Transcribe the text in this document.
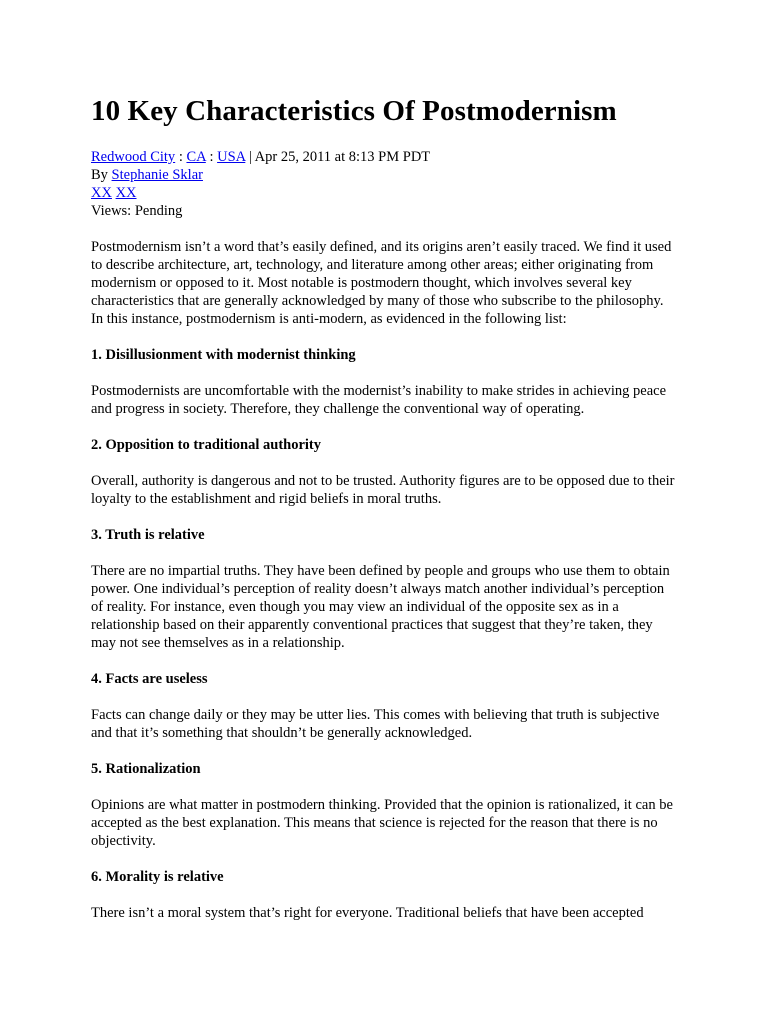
10 Key Characteristics Of Postmodernism
Redwood City : CA : USA | Apr 25, 2011 at 8:13 PM PDT
By Stephanie Sklar
XX XX
Views: Pending

Postmodernism isn’t a word that’s easily defined, and its origins aren’t easily traced. We find it used to describe architecture, art, technology, and literature among other areas; either originating from modernism or opposed to it. Most notable is postmodern thought, which involves several key characteristics that are generally acknowledged by many of those who subscribe to the philosophy. In this instance, postmodernism is anti-modern, as evidenced in the following list:

1. Disillusionment with modernist thinking

Postmodernists are uncomfortable with the modernist’s inability to make strides in achieving peace and progress in society. Therefore, they challenge the conventional way of operating.

2. Opposition to traditional authority

Overall, authority is dangerous and not to be trusted. Authority figures are to be opposed due to their loyalty to the establishment and rigid beliefs in moral truths.

3. Truth is relative

There are no impartial truths. They have been defined by people and groups who use them to obtain power. One individual’s perception of reality doesn’t always match another individual’s perception of reality. For instance, even though you may view an individual of the opposite sex as in a relationship based on their apparently conventional practices that suggest that they’re taken, they may not see themselves as in a relationship.

4. Facts are useless

Facts can change daily or they may be utter lies. This comes with believing that truth is subjective and that it’s something that shouldn’t be generally acknowledged.

5. Rationalization

Opinions are what matter in postmodern thinking. Provided that the opinion is rationalized, it can be accepted as the best explanation. This means that science is rejected for the reason that there is no objectivity.

6. Morality is relative

There isn’t a moral system that’s right for everyone. Traditional beliefs that have been accepted
